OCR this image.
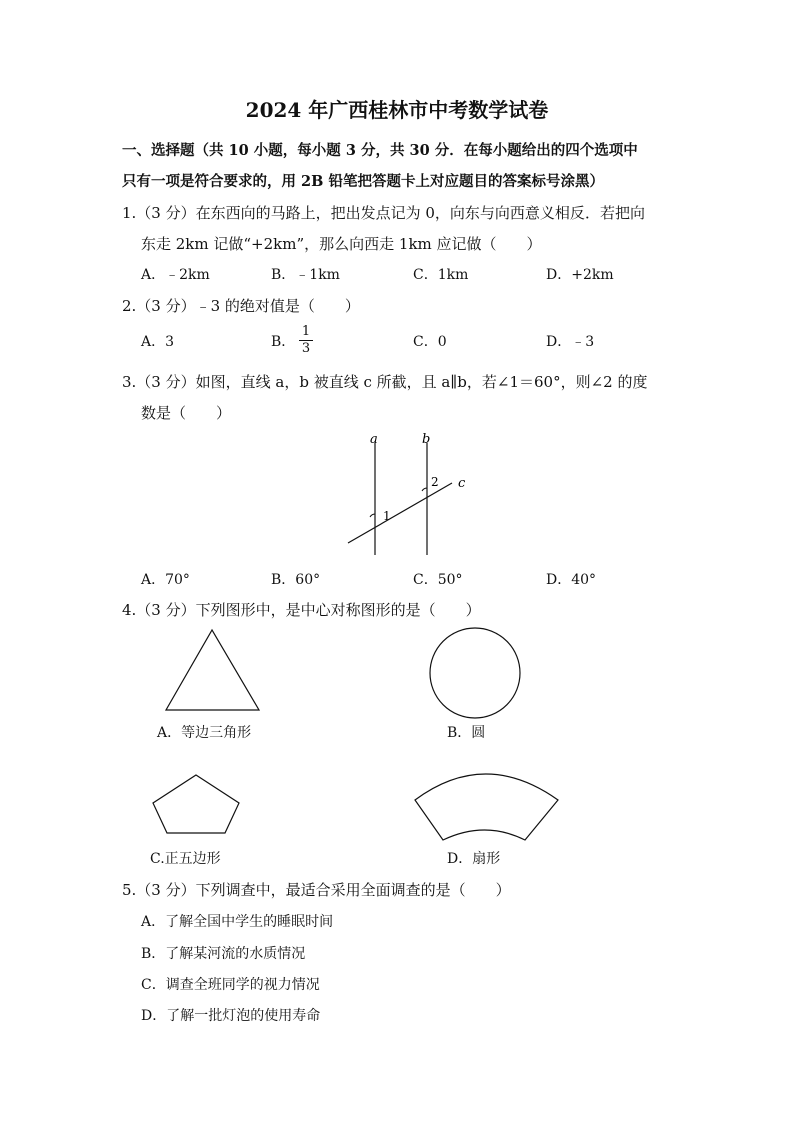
2024 年广西桂林市中考数学试卷
一、选择题（共 10 小题，每小题 3 分，共 30 分．在每小题给出的四个选项中
只有一项是符合要求的，用 2B 铅笔把答题卡上对应题目的答案标号涂黑）
1.（3 分）在东西向的马路上，把出发点记为 0，向东与向西意义相反．若把向
东走 2km 记做“+2km”，那么向西走 1km 应记做（　　）
A．﹣2km	B．﹣1km	C．1km	D．+2km
2.（3 分）﹣3 的绝对值是（　　）
A．3	B． $\frac{1}{3}$	C．0	D．﹣3
3.（3 分）如图，直线 a，b 被直线 c 所截，且 a∥b，若∠1＝60°，则∠2 的度
数是（　　）
a	b
c
1
2
A．70°	B．60°	C．50°	D．40°
4.（3 分）下列图形中，是中心对称图形的是（　　）
A．等边三角形	B．圆
C.正五边形	D．扇形
5.（3 分）下列调查中，最适合采用全面调查的是（　　）
A．了解全国中学生的睡眠时间
B．了解某河流的水质情况
C．调查全班同学的视力情况
D．了解一批灯泡的使用寿命
